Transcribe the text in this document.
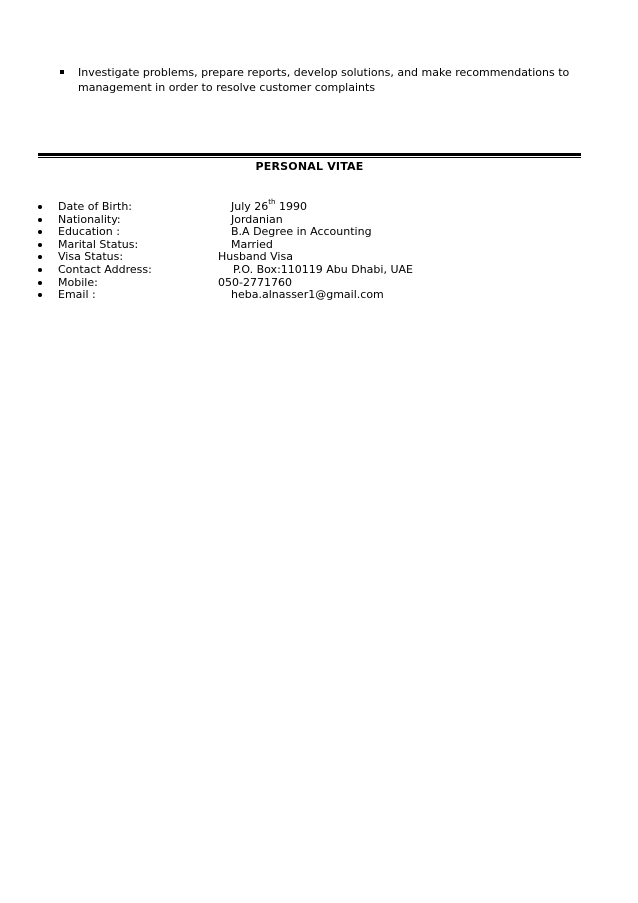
Investigate problems, prepare reports, develop solutions, and make recommendations to management in order to resolve customer complaints
PERSONAL VITAE
Date of Birth:	July 26th 1990
Nationality:	Jordanian
Education :	B.A Degree in Accounting
Marital Status:	Married
Visa Status:	Husband Visa
Contact Address:	P.O. Box:110119 Abu Dhabi, UAE
Mobile:	050-2771760
Email :	heba.alnasser1@gmail.com
